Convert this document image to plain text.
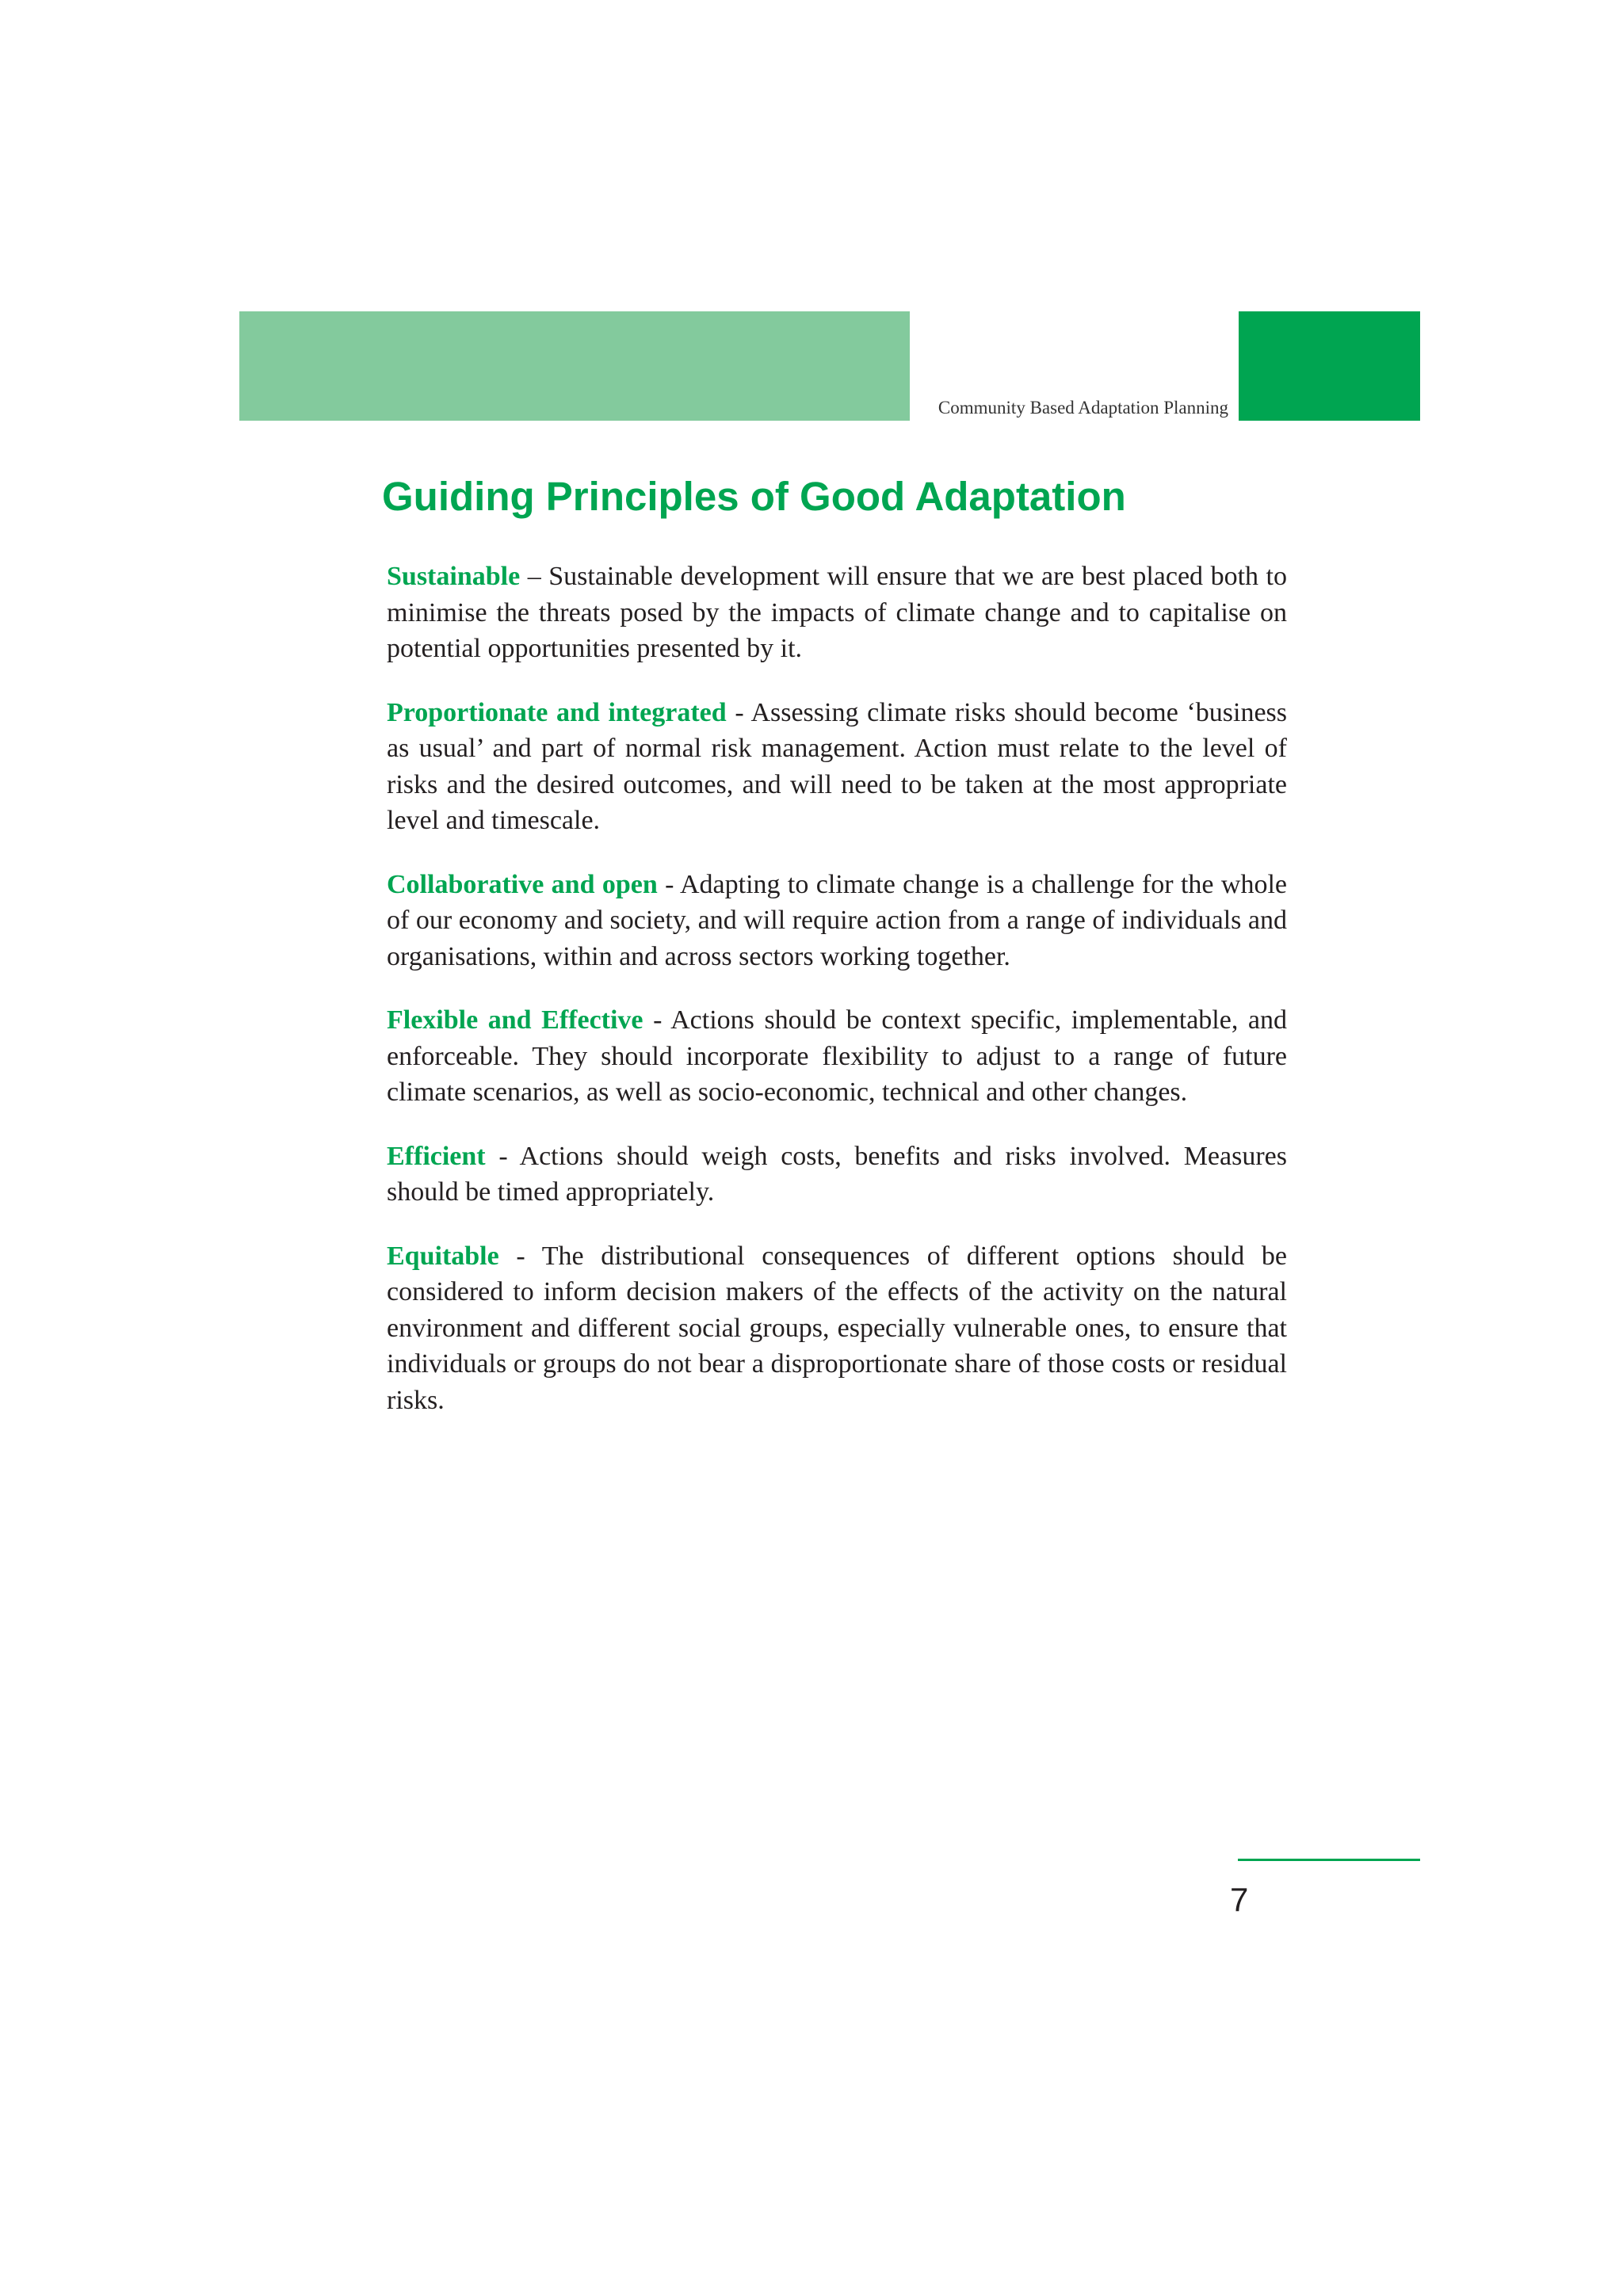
Community Based Adaptation Planning
Guiding Principles of Good Adaptation

Sustainable – Sustainable development will ensure that we are best placed both to minimise the threats posed by the impacts of climate change and to capitalise on potential opportunities presented by it.

Proportionate and integrated - Assessing climate risks should become ‘business as usual’ and part of normal risk management. Action must relate to the level of risks and the desired outcomes, and will need to be taken at the most appropriate level and timescale.

Collaborative and open - Adapting to climate change is a challenge for the whole of our economy and society, and will require action from a range of individuals and organisations, within and across sectors working together.

Flexible and Effective - Actions should be context specific, implementable, and enforceable. They should incorporate flexibility to adjust to a range of future climate scenarios, as well as socio-economic, technical and other changes.

Efficient - Actions should weigh costs, benefits and risks involved. Measures should be timed appropriately.

Equitable - The distributional consequences of different options should be considered to inform decision makers of the effects of the activity on the natural environment and different social groups, especially vulnerable ones, to ensure that individuals or groups do not bear a disproportionate share of those costs or residual risks.

7
